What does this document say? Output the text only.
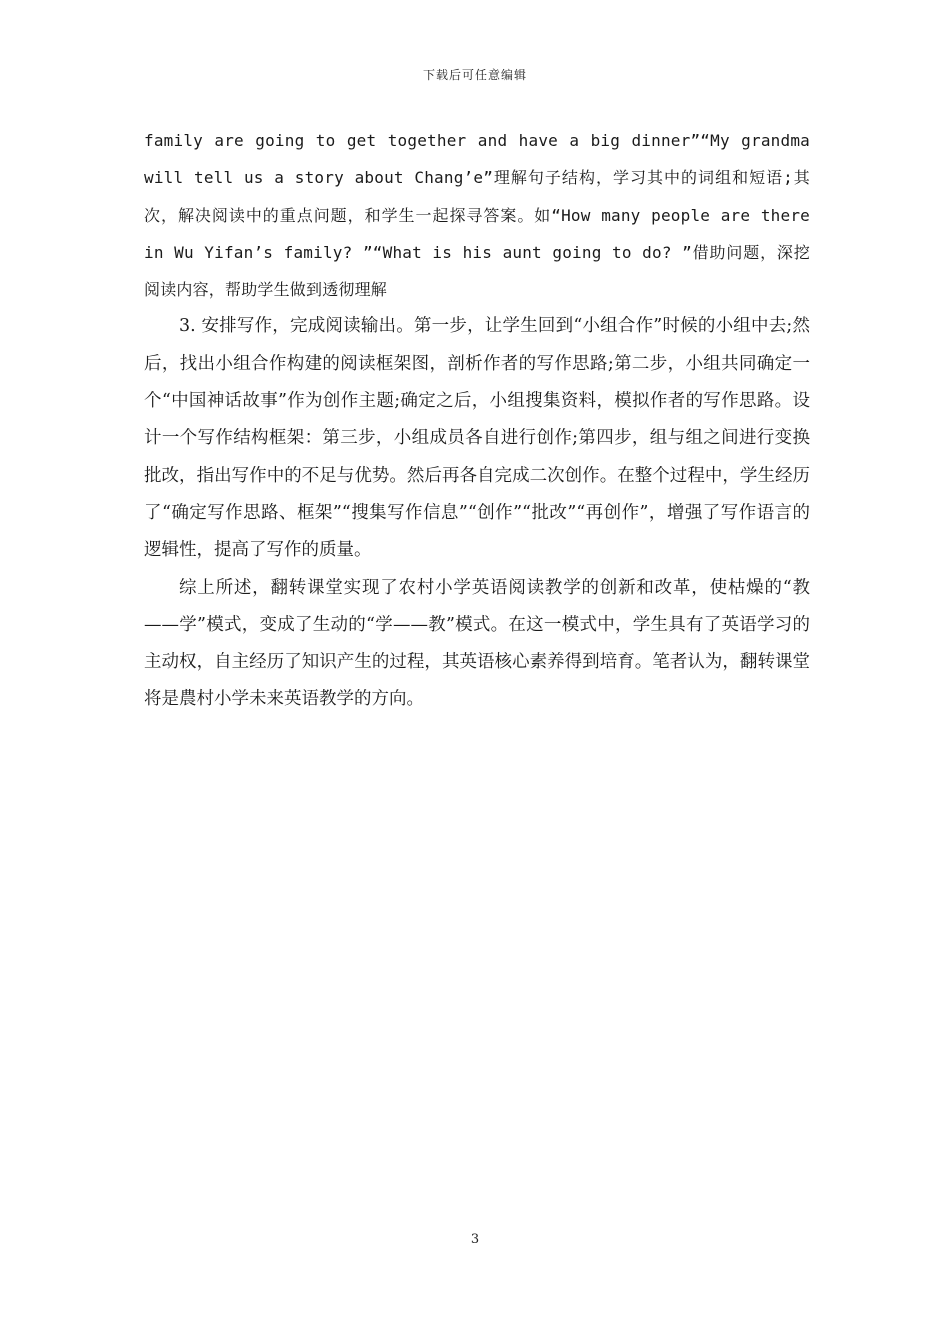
下载后可任意编辑

family are going to get together and have a big dinner”“My grandma will tell us a story about Chang’e”理解句子结构，学习其中的词组和短语;其次，解决阅读中的重点问题，和学生一起探寻答案。如“How many people are there in Wu Yifan’s family? ”“What is his aunt going to do? ”借助问题，深挖阅读内容，帮助学生做到透彻理解

3. 安排写作，完成阅读输出。第一步，让学生回到“小组合作”时候的小组中去;然后，找出小组合作构建的阅读框架图，剖析作者的写作思路;第二步，小组共同确定一个“中国神话故事”作为创作主题;确定之后，小组搜集资料，模拟作者的写作思路。设计一个写作结构框架：第三步，小组成员各自进行创作;第四步，组与组之间进行变换批改，指出写作中的不足与优势。然后再各自完成二次创作。在整个过程中，学生经历了“确定写作思路、框架”“搜集写作信息”“创作”“批改”“再创作”，增强了写作语言的逻辑性，提高了写作的质量。

综上所述，翻转课堂实现了农村小学英语阅读教学的创新和改革，使枯燥的“教——学”模式，变成了生动的“学——教”模式。在这一模式中，学生具有了英语学习的主动权，自主经历了知识产生的过程，其英语核心素养得到培育。笔者认为，翻转课堂将是農村小学未来英语教学的方向。

3
